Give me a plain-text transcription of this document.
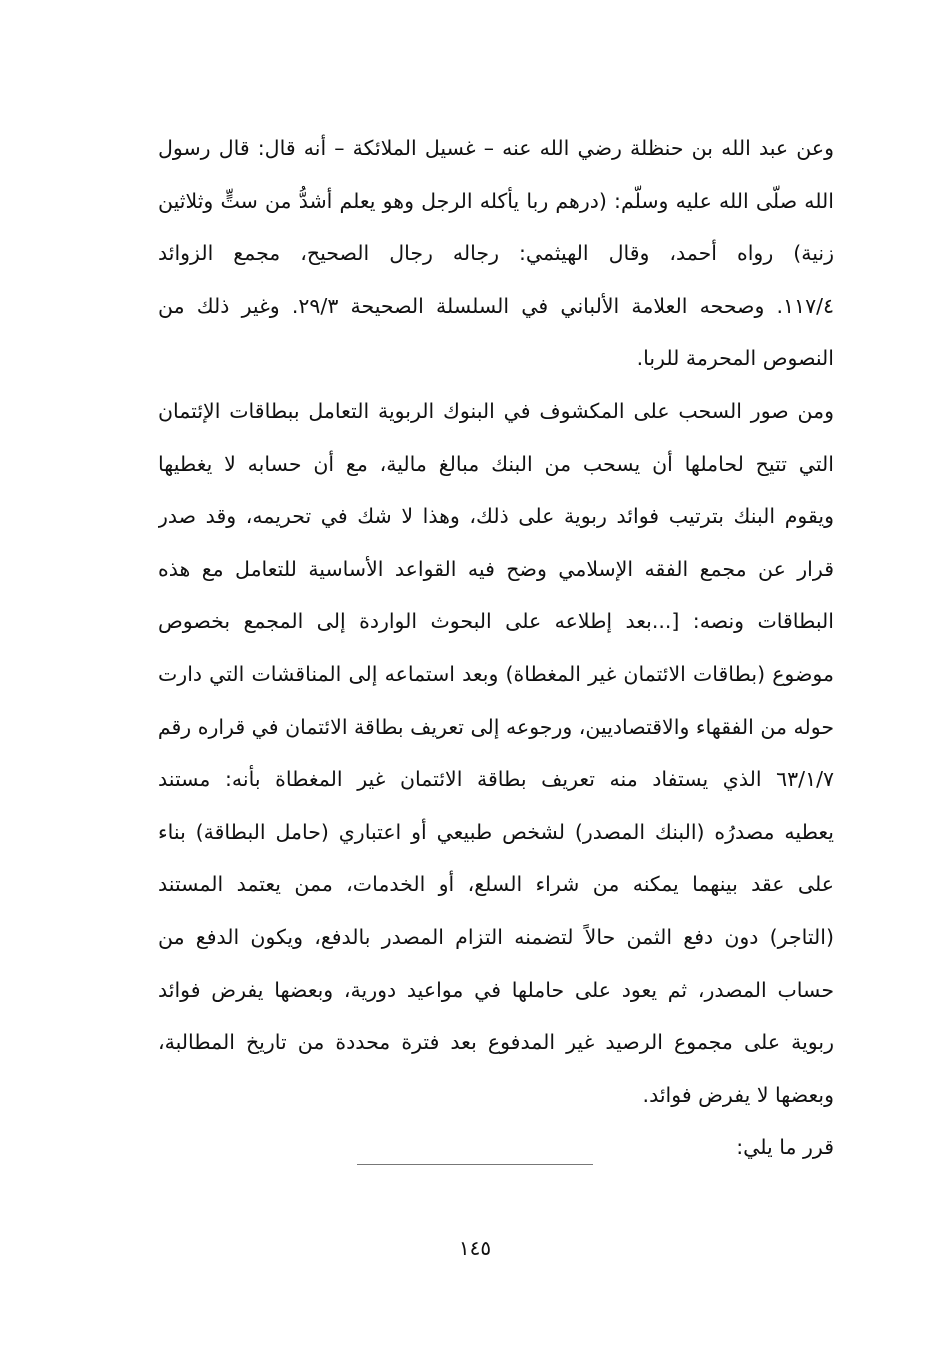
وعن عبد الله بن حنظلة رضي الله عنه – غسيل الملائكة – أنه قال: قال رسول
الله صلّى الله عليه وسلّم: (درهم ربا يأكله الرجل وهو يعلم أشدُّ من ستٍّ وثلاثين
زنية) رواه أحمد، وقال الهيثمي: رجاله رجال الصحيح، مجمع الزوائد
١١٧/٤. وصححه العلامة الألباني في السلسلة الصحيحة ٢٩/٣. وغير ذلك من
النصوص المحرمة للربا.
ومن صور السحب على المكشوف في البنوك الربوية التعامل ببطاقات الإئتمان
التي تتيح لحاملها أن يسحب من البنك مبالغ مالية، مع أن حسابه لا يغطيها
ويقوم البنك بترتيب فوائد ربوية على ذلك، وهذا لا شك في تحريمه، وقد صدر
قرار عن مجمع الفقه الإسلامي وضح فيه القواعد الأساسية للتعامل مع هذه
البطاقات ونصه: [...بعد إطلاعه على البحوث الواردة إلى المجمع بخصوص
موضوع (بطاقات الائتمان غير المغطاة) وبعد استماعه إلى المناقشات التي دارت
حوله من الفقهاء والاقتصاديين، ورجوعه إلى تعريف بطاقة الائتمان في قراره رقم
٦٣/١/٧ الذي يستفاد منه تعريف بطاقة الائتمان غير المغطاة بأنه: مستند
يعطيه مصدرُه (البنك المصدر) لشخص طبيعي أو اعتباري (حامل البطاقة) بناء
على عقد بينهما يمكنه من شراء السلع، أو الخدمات، ممن يعتمد المستند
(التاجر) دون دفع الثمن حالاً لتضمنه التزام المصدر بالدفع، ويكون الدفع من
حساب المصدر، ثم يعود على حاملها في مواعيد دورية، وبعضها يفرض فوائد
ربوية على مجموع الرصيد غير المدفوع بعد فترة محددة من تاريخ المطالبة،
وبعضها لا يفرض فوائد.
قرر ما يلي:
١٤٥
